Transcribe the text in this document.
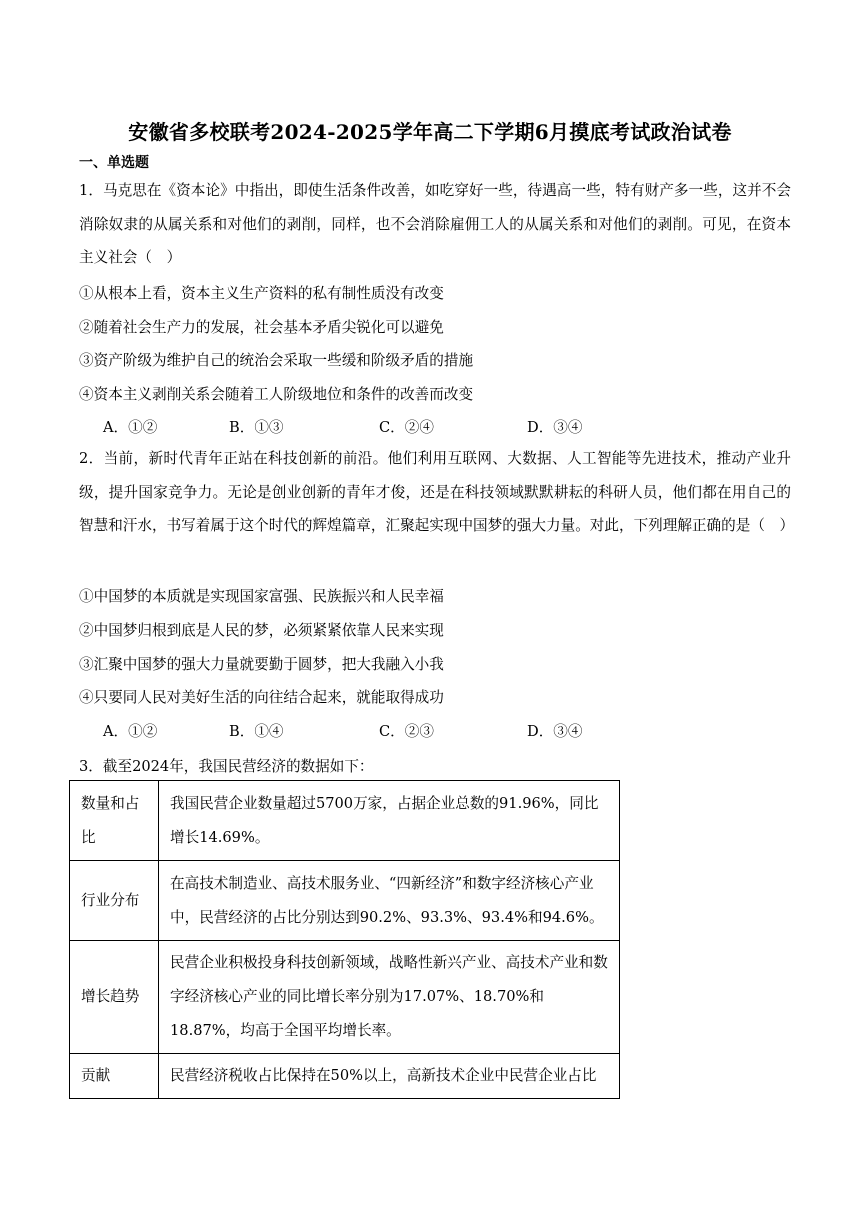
安徽省多校联考2024-2025学年高二下学期6月摸底考试政治试卷
一、单选题
1．马克思在《资本论》中指出，即使生活条件改善，如吃穿好一些，待遇高一些，特有财产多一些，这并不会消除奴隶的从属关系和对他们的剥削，同样，也不会消除雇佣工人的从属关系和对他们的剥削。可见，在资本主义社会（　）
①从根本上看，资本主义生产资料的私有制性质没有改变
②随着社会生产力的发展，社会基本矛盾尖锐化可以避免
③资产阶级为维护自己的统治会采取一些缓和阶级矛盾的措施
④资本主义剥削关系会随着工人阶级地位和条件的改善而改变
A．①②	B．①③	C．②④	D．③④
2．当前，新时代青年正站在科技创新的前沿。他们利用互联网、大数据、人工智能等先进技术，推动产业升级，提升国家竞争力。无论是创业创新的青年才俊，还是在科技领域默默耕耘的科研人员，他们都在用自己的智慧和汗水，书写着属于这个时代的辉煌篇章，汇聚起实现中国梦的强大力量。对此，下列理解正确的是（　）
①中国梦的本质就是实现国家富强、民族振兴和人民幸福
②中国梦归根到底是人民的梦，必须紧紧依靠人民来实现
③汇聚中国梦的强大力量就要勤于圆梦，把大我融入小我
④只要同人民对美好生活的向往结合起来，就能取得成功
A．①②	B．①④	C．②③	D．③④
3．截至2024年，我国民营经济的数据如下：
数量和占比	我国民营企业数量超过5700万家，占据企业总数的91.96%，同比增长14.69%。
行业分布	在高技术制造业、高技术服务业、“四新经济”和数字经济核心产业中，民营经济的占比分别达到90.2%、93.3%、93.4%和94.6%。
增长趋势	民营企业积极投身科技创新领域，战略性新兴产业、高技术产业和数字经济核心产业的同比增长率分别为17.07%、18.70%和18.87%，均高于全国平均增长率。
贡献	民营经济税收占比保持在50%以上，高新技术企业中民营企业占比
